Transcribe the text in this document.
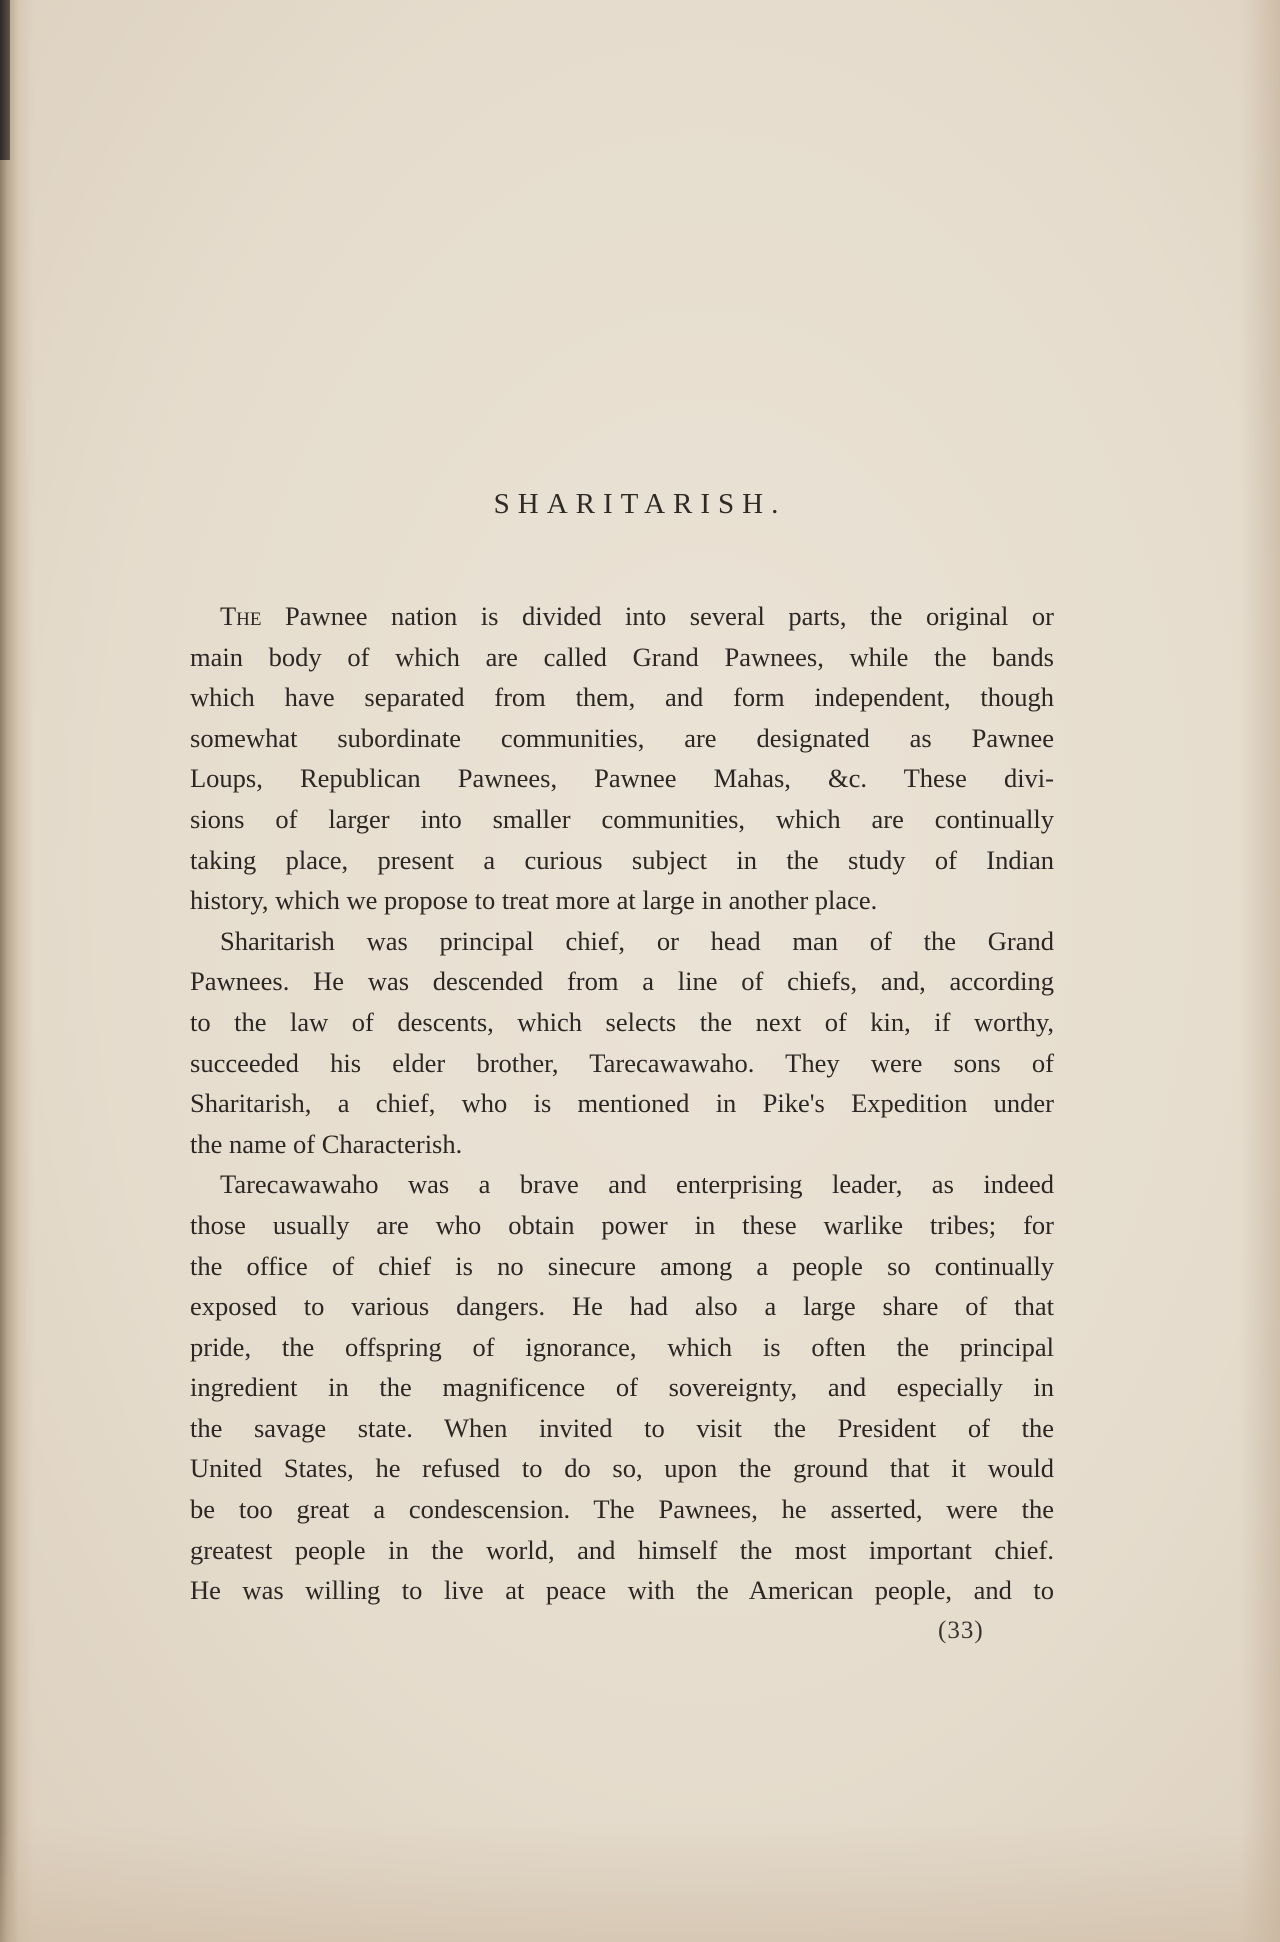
SHARITARISH.

The Pawnee nation is divided into several parts, the original or
main body of which are called Grand Pawnees, while the bands
which have separated from them, and form independent, though
somewhat subordinate communities, are designated as Pawnee
Loups, Republican Pawnees, Pawnee Mahas, &c. These divi-
sions of larger into smaller communities, which are continually
taking place, present a curious subject in the study of Indian
history, which we propose to treat more at large in another place.

Sharitarish was principal chief, or head man of the Grand
Pawnees. He was descended from a line of chiefs, and, according
to the law of descents, which selects the next of kin, if worthy,
succeeded his elder brother, Tarecawawaho. They were sons of
Sharitarish, a chief, who is mentioned in Pike's Expedition under
the name of Characterish.

Tarecawawaho was a brave and enterprising leader, as indeed
those usually are who obtain power in these warlike tribes; for
the office of chief is no sinecure among a people so continually
exposed to various dangers. He had also a large share of that
pride, the offspring of ignorance, which is often the principal
ingredient in the magnificence of sovereignty, and especially in
the savage state. When invited to visit the President of the
United States, he refused to do so, upon the ground that it would
be too great a condescension. The Pawnees, he asserted, were the
greatest people in the world, and himself the most important chief.
He was willing to live at peace with the American people, and to

(33)
